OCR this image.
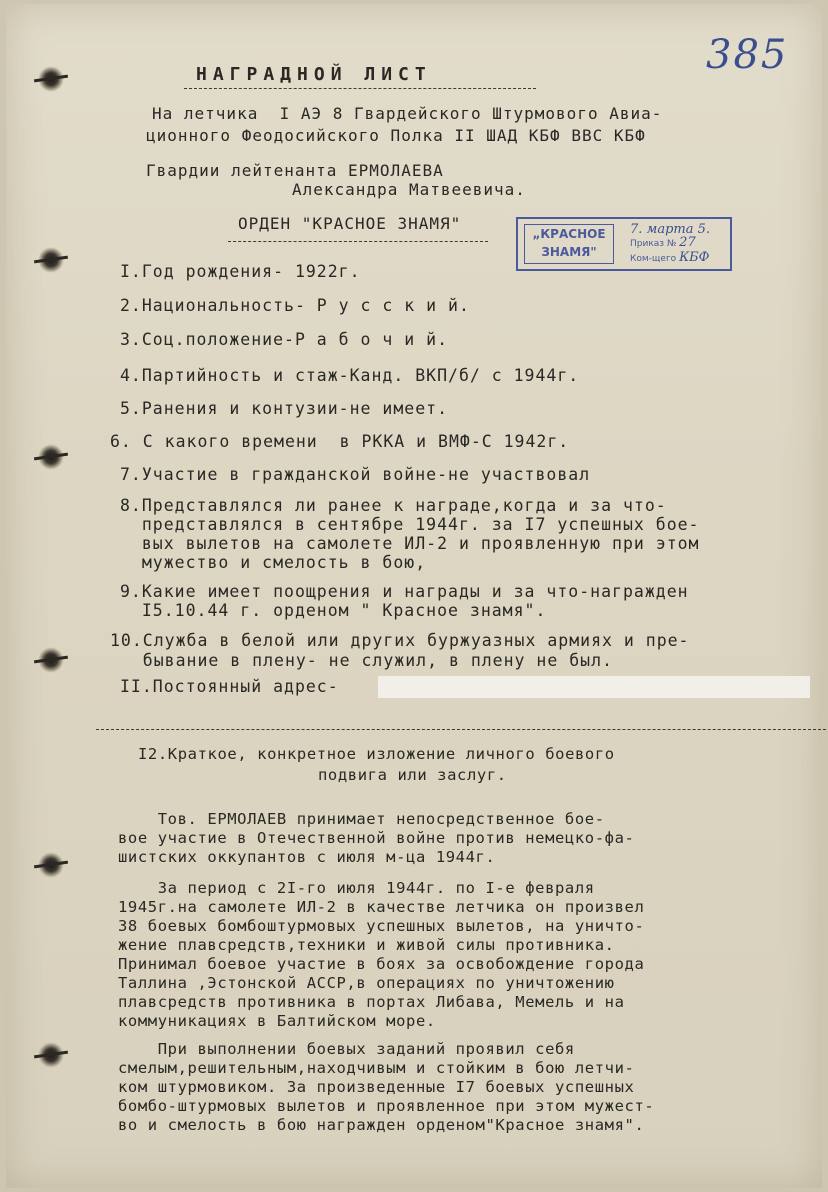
385
НАГРАДНОЙ ЛИСТ
На летчика  I АЭ 8 Гвардейского Штурмового Авиа-
ционного Феодосийского Полка II ШАД КБФ ВВС КБФ
Гвардии лейтенанта ЕРМОЛАЕВА
Александра Матвеевича.
ОРДЕН "КРАСНОЕ ЗНАМЯ"
„КРАСНОЕ
ЗНАМЯ"
7. марта 5.
Приказ № 27
Ком-щего КБФ
I.Год рождения- 1922г.
2.Национальность- Р у с с к и й.
3.Соц.положение-Р а б о ч и й.
4.Партийность и стаж-Канд. ВКП/б/ с 1944г.
5.Ранения и контузии-не имеет.
6. С какого времени  в РККА и ВМФ-С 1942г.
7.Участие в гражданской войне-не участвовал
8.Представлялся ли ранее к награде,когда и за что-
представлялся в сентябре 1944г. за I7 успешных бое-
вых вылетов на самолете ИЛ-2 и проявленную при этом
мужество и смелость в бою,
9.Какие имеет поощрения и награды и за что-награжден
I5.10.44 г. орденом " Красное знамя".
10.Служба в белой или других буржуазных армиях и пре-
бывание в плену- не служил, в плену не был.
II.Постоянный адрес-
I2.Краткое, конкретное изложение личного боевого
подвига или заслуг.
Тов. ЕРМОЛАЕВ принимает непосредственное боe-
вое участие в Отечественной войне против немецко-фа-
шистских оккупантов с июля м-ца 1944г.
За период с 2I-го июля 1944г. по I-е февраля
1945г.на самолете ИЛ-2 в качестве летчика он произвел
38 боевых бомбоштурмовых успешных вылетов, на уничто-
жение плавсредств,техники и живой силы противника.
Принимал боевое участие в боях за освобождение города
Таллина ,Эстонской АССР,в операциях по уничтожению
плавсредств противника в портах Либава, Мемель и на
коммуникациях в Балтийском море.
При выполнении боевых заданий проявил себя
смелым,решительным,находчивым и стойким в бою летчи-
ком штурмовиком. За произведенные I7 боевых успешных
бомбо-штурмовых вылетов и проявленное при этом мужест-
во и смелость в бою награжден орденом"Красное знамя".
